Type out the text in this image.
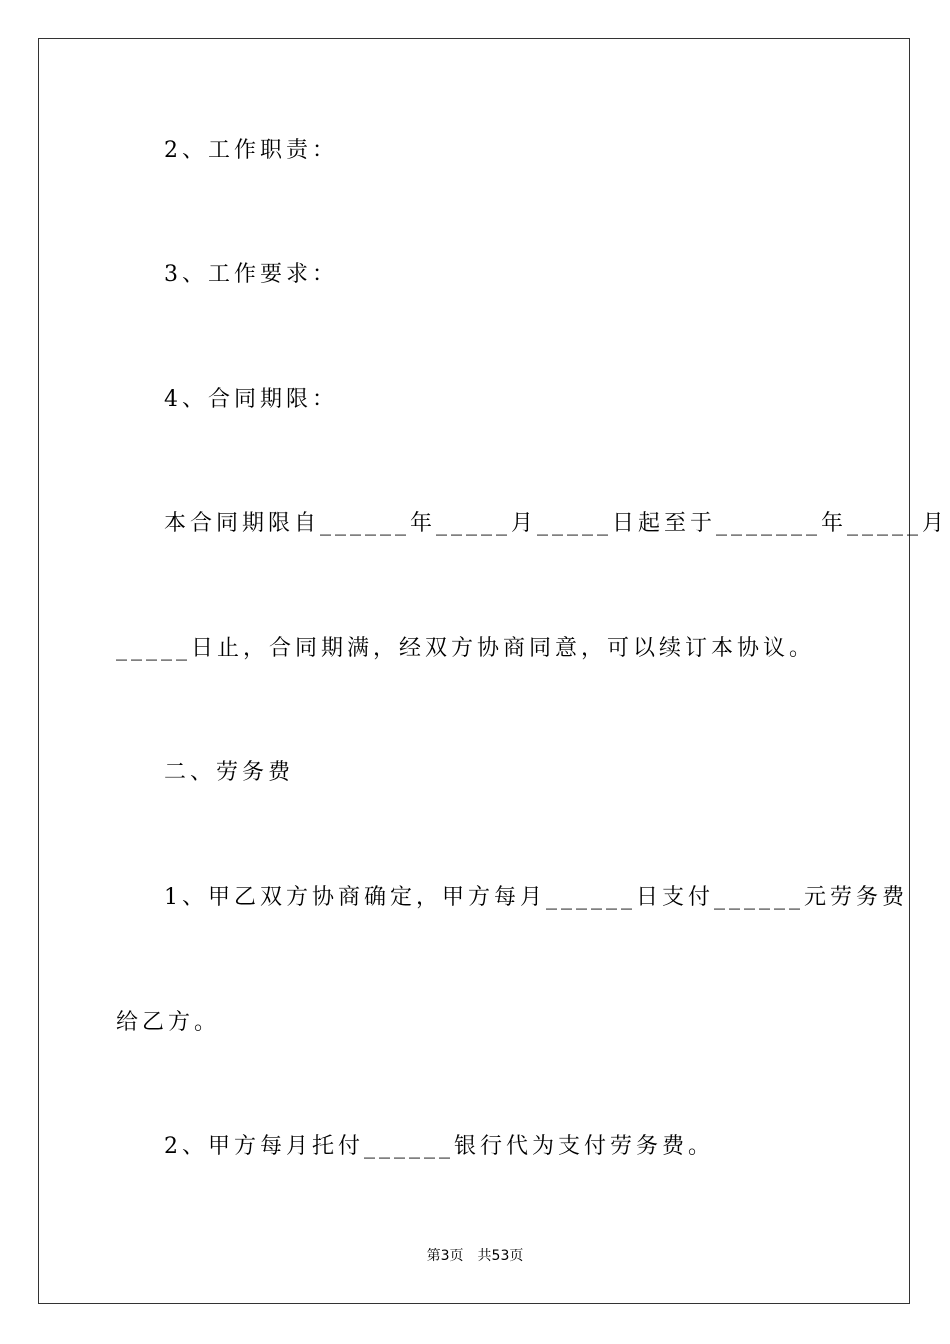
2、工作职责：
3、工作要求：
4、合同期限：
本合同期限自______年_____月_____日起至于_______年_____月
_____日止，合同期满，经双方协商同意，可以续订本协议。
二、劳务费
1、甲乙双方协商确定，甲方每月______日支付______元劳务费
给乙方。
2、甲方每月托付______银行代为支付劳务费。
第3页 共53页
